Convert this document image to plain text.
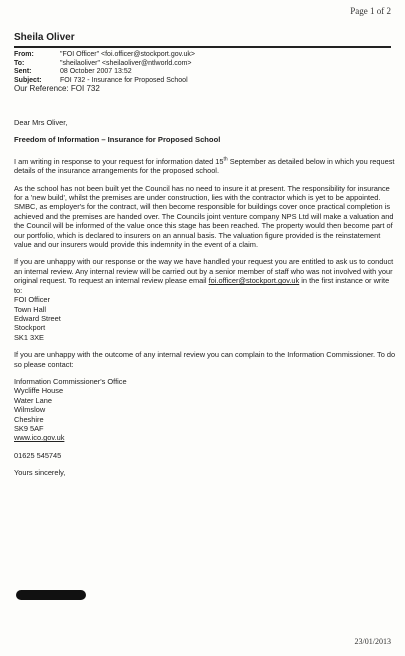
Page 1 of 2
Sheila Oliver
From:	"FOI Officer" <foi.officer@stockport.gov.uk>
To:	"sheilaoliver" <sheilaoliver@ntlworld.com>
Sent:	08 October 2007 13:52
Subject:	FOI 732 - Insurance for Proposed School
Our Reference: FOI 732

Dear Mrs Oliver,

Freedom of Information – Insurance for Proposed School

I am writing in response to your request for information dated 15th September as detailed below in which you request details of the insurance arrangements for the proposed school.

As the school has not been built yet the Council has no need to insure it at present. The responsibility for insurance for a 'new build', whilst the premises are under construction, lies with the contractor which is yet to be appointed. SMBC, as employer's for the contract, will then become responsible for buildings cover once practical completion is achieved and the premises are handed over. The Councils joint venture company NPS Ltd will make a valuation and the Council will be informed of the value once this stage has been reached. The property would then become part of our portfolio, which is declared to insurers on an annual basis. The valuation figure provided is the reinstatement value and our insurers would provide this indemnity in the event of a claim.

If you are unhappy with our response or the way we have handled your request you are entitled to ask us to conduct an internal review. Any internal review will be carried out by a senior member of staff who was not involved with your original request. To request an internal review please email foi.officer@stockport.gov.uk in the first instance or write to:

FOI Officer
Town Hall
Edward Street
Stockport
SK1 3XE

If you are unhappy with the outcome of any internal review you can complain to the Information Commissioner. To do so please contact:

Information Commissioner's Office
Wycliffe House
Water Lane
Wilmslow
Cheshire
SK9 5AF
www.ico.gov.uk

01625 545745

Yours sincerely,

23/01/2013
